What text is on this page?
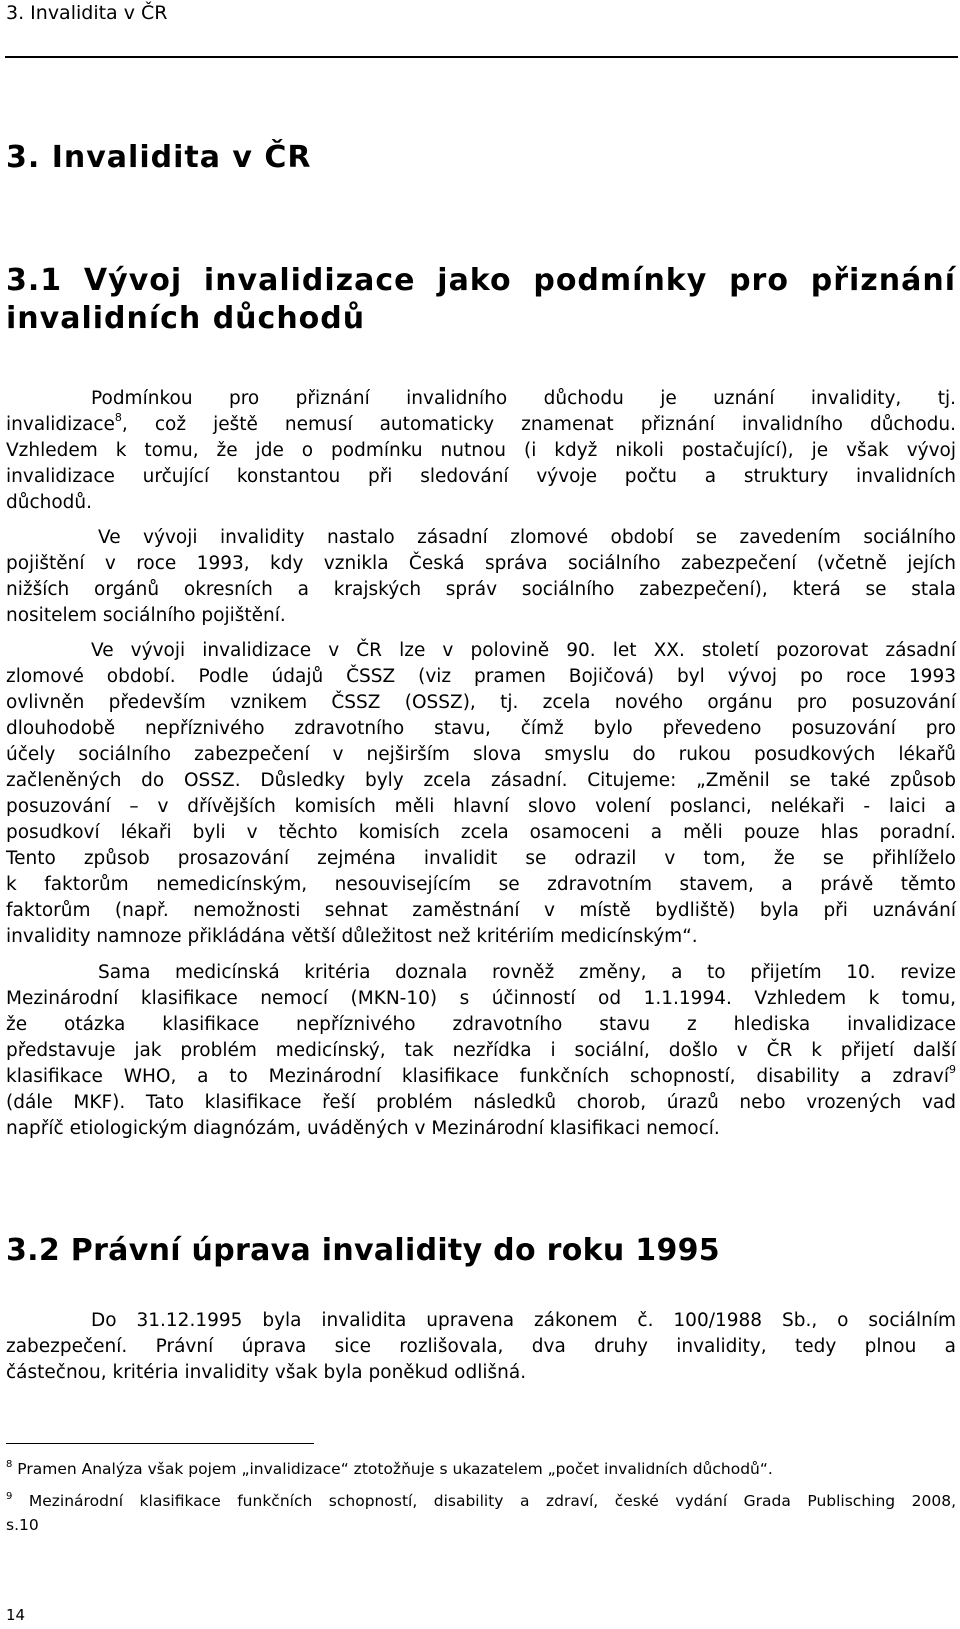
3. Invalidita v ČR
3. Invalidita v ČR
3.1 Vývoj invalidizace jako podmínky pro přiznání
invalidních důchodů
Podmínkou pro přiznání invalidního důchodu je uznání invalidity, tj.
invalidizace$^8$, což ještě nemusí automaticky znamenat přiznání invalidního důchodu.
Vzhledem k tomu, že jde o podmínku nutnou (i když nikoli postačující), je však vývoj
invalidizace určující konstantou při sledování vývoje počtu a struktury invalidních
důchodů.
Ve vývoji invalidity nastalo zásadní zlomové období se zavedením sociálního
pojištění v roce 1993, kdy vznikla Česká správa sociálního zabezpečení (včetně jejích
nižších orgánů okresních a krajských správ sociálního zabezpečení), která se stala
nositelem sociálního pojištění.
Ve vývoji invalidizace v ČR lze v polovině 90. let XX. století pozorovat zásadní
zlomové období. Podle údajů ČSSZ (viz pramen Bojičová) byl vývoj po roce 1993
ovlivněn především vznikem ČSSZ (OSSZ), tj. zcela nového orgánu pro posuzování
dlouhodobě nepříznivého zdravotního stavu, čímž bylo převedeno posuzování pro
účely sociálního zabezpečení v nejširším slova smyslu do rukou posudkových lékařů
začleněných do OSSZ. Důsledky byly zcela zásadní. Citujeme: „Změnil se také způsob
posuzování – v dřívějších komisích měli hlavní slovo volení poslanci, nelékaři - laici a
posudkoví lékaři byli v těchto komisích zcela osamoceni a měli pouze hlas poradní.
Tento způsob prosazování zejména invalidit se odrazil v tom, že se přihlíželo
k faktorům nemedicínským, nesouvisejícím se zdravotním stavem, a právě těmto
faktorům (např. nemožnosti sehnat zaměstnání v místě bydliště) byla při uznávání
invalidity namnoze přikládána větší důležitost než kritériím medicínským“.
Sama medicínská kritéria doznala rovněž změny, a to přijetím 10. revize
Mezinárodní klasifikace nemocí (MKN-10) s účinností od 1.1.1994. Vzhledem k tomu,
že otázka klasifikace nepříznivého zdravotního stavu z hlediska invalidizace
představuje jak problém medicínský, tak nezřídka i sociální, došlo v ČR k přijetí další
klasifikace WHO, a to Mezinárodní klasifikace funkčních schopností, disability a zdraví$^9$
(dále MKF). Tato klasifikace řeší problém následků chorob, úrazů nebo vrozených vad
napříč etiologickým diagnózám, uváděných v Mezinárodní klasifikaci nemocí.
3.2 Právní úprava invalidity do roku 1995
Do 31.12.1995 byla invalidita upravena zákonem č. 100/1988 Sb., o sociálním
zabezpečení. Právní úprava sice rozlišovala, dva druhy invalidity, tedy plnou a
částečnou, kritéria invalidity však byla poněkud odlišná.
$^8$ Pramen Analýza však pojem „invalidizace“ ztotožňuje s ukazatelem „počet invalidních důchodů“.
$^9$ Mezinárodní klasifikace funkčních schopností, disability a zdraví, české vydání Grada Publisching 2008,
s.10
14
